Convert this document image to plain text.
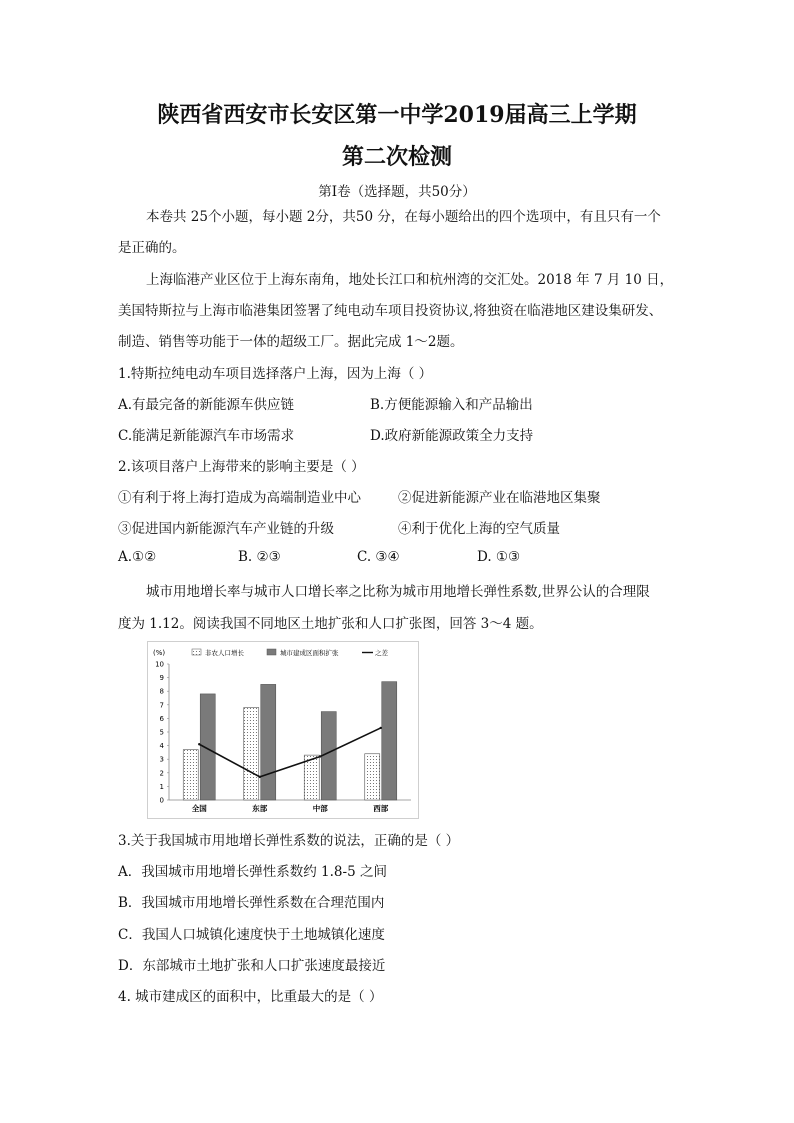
陕西省西安市长安区第一中学2019届高三上学期
第二次检测
第Ⅰ卷（选择题，共50分）
本卷共 25个小题，每小题 2分，共50 分，在每小题给出的四个选项中，有且只有一个
是正确的。
上海临港产业区位于上海东南角，地处长江口和杭州湾的交汇处。2018 年 7 月 10 日，
美国特斯拉与上海市临港集团签署了纯电动车项目投资协议,将独资在临港地区建设集研发、
制造、销售等功能于一体的超级工厂。据此完成 1～2题。
1.特斯拉纯电动车项目选择落户上海，因为上海（ ）
A.有最完备的新能源车供应链	B.方便能源输入和产品输出
C.能满足新能源汽车市场需求	D.政府新能源政策全力支持
2.该项目落户上海带来的影响主要是（ ）
①有利于将上海打造成为高端制造业中心	②促进新能源产业在临港地区集聚
③促进国内新能源汽车产业链的升级	④利于优化上海的空气质量
A.①②	B. ②③	C. ③④	D. ①③
城市用地增长率与城市人口增长率之比称为城市用地增长弹性系数,世界公认的合理限
度为 1.12。阅读我国不同地区土地扩张和人口扩张图，回答 3～4 题。
(%)
0
1
2
3
4
5
6
7
8
9
10
全国	东部	中部	西部
非农人口增长	城市建成区面积扩张	之差
3.关于我国城市用地增长弹性系数的说法，正确的是（ ）
A．我国城市用地增长弹性系数约 1.8-5 之间
B．我国城市用地增长弹性系数在合理范围内
C．我国人口城镇化速度快于土地城镇化速度
D．东部城市土地扩张和人口扩张速度最接近
4. 城市建成区的面积中，比重最大的是（ ）
